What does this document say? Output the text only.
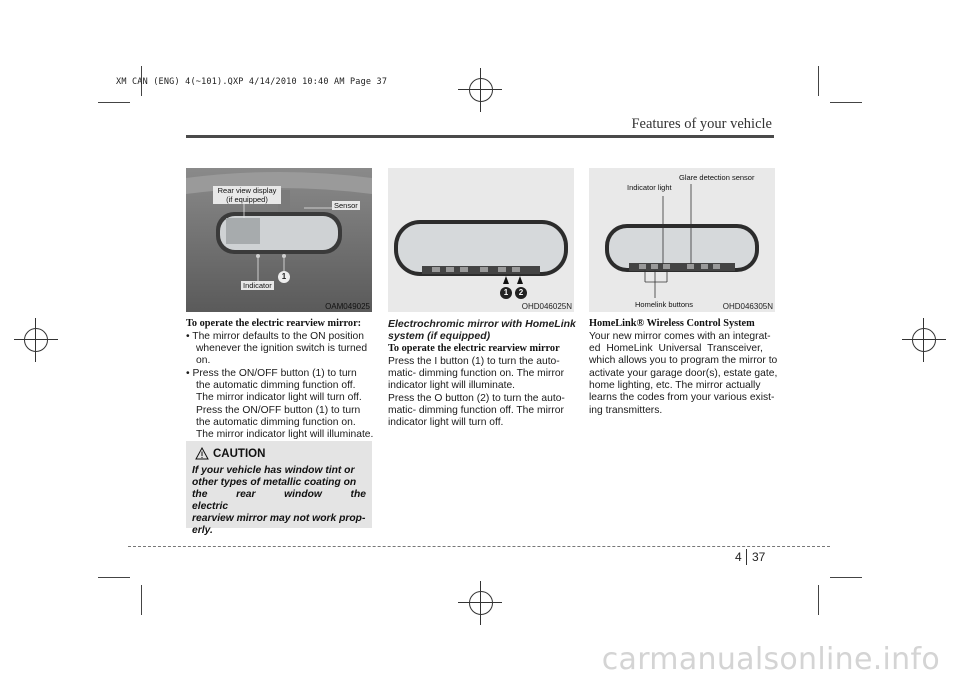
XM CAN (ENG) 4(~101).QXP 4/14/2010 10:40 AM Page 37
Features of your vehicle
Rear view display
(if equipped)
Sensor
Indicator
1
OAM049025
1	2
OHD046025N
Glare detection sensor
Indicator light
Homelink buttons	OHD046305N
To operate the electric rearview mirror:
• The mirror defaults to the ON position
whenever the ignition switch is turned
on.
• Press the ON/OFF button (1) to turn
the automatic dimming function off.
The mirror indicator light will turn off.
Press the ON/OFF button (1) to turn
the automatic dimming function on.
The mirror indicator light will illuminate.
CAUTION
If your vehicle has window tint or
other types of metallic coating on
the rear window the electric
rearview mirror may not work prop-
erly.
Electrochromic mirror with HomeLink
system (if equipped)
To operate the electric rearview mirror
Press the I button (1) to turn the auto-
matic- dimming function on. The mirror
indicator light will illuminate.
Press the O button (2) to turn the auto-
matic- dimming function off. The mirror
indicator light will turn off.
HomeLink® Wireless Control System
Your new mirror comes with an integrat-
ed HomeLink Universal Transceiver,
which allows you to program the mirror to
activate your garage door(s), estate gate,
home lighting, etc. The mirror actually
learns the codes from your various exist-
ing transmitters.
4 37
carmanualsonline.info
